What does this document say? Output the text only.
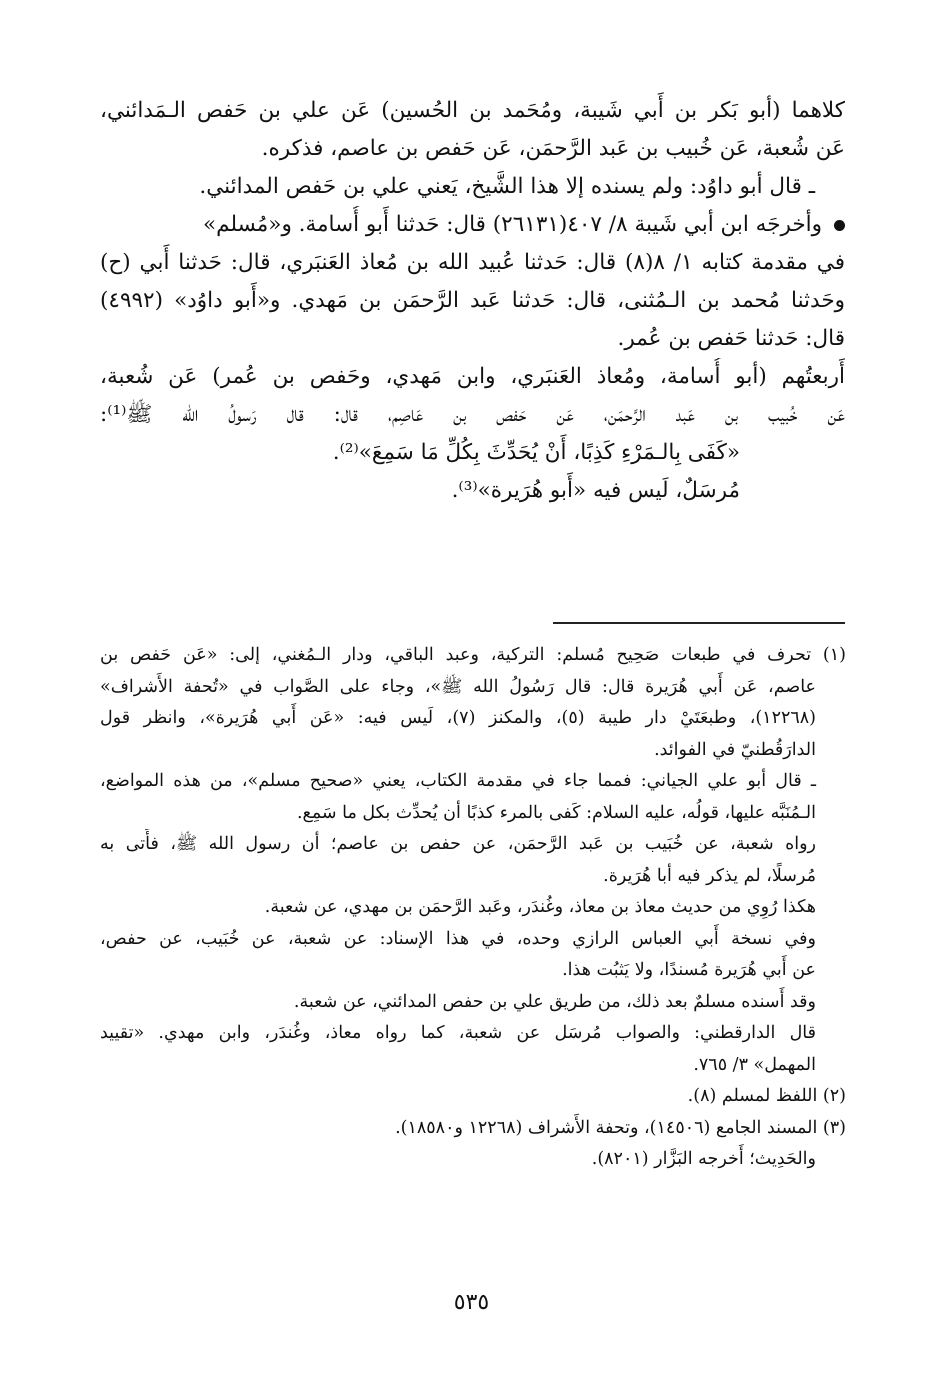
كلاهما (أبو بَكر بن أَبي شَيبة، ومُحَمد بن الحُسين) عَن علي بن حَفص الـمَدائني،
عَن شُعبة، عَن خُبيب بن عَبد الرَّحمَن، عَن حَفص بن عاصم، فذكره.
ـ قال أبو داوُد: ولم يسنده إلا هذا الشَّيخ، يَعني علي بن حَفص المدائني.
وأخرجَه ابن أبي شَيبة ٨/ ٤٠٧(٢٦١٣١) قال: حَدثنا أَبو أُسامة. و«مُسلم»
في مقدمة كتابه ١/ ٨(٨) قال: حَدثنا عُبيد الله بن مُعاذ العَنبَري، قال: حَدثنا أَبي (ح)
وحَدثنا مُحمد بن الـمُثنى، قال: حَدثنا عَبد الرَّحمَن بن مَهدي. و«أَبو داوُد» (٤٩٩٢)
قال: حَدثنا حَفص بن عُمر.
أَربعتُهم (أبو أُسامة، ومُعاذ العَنبَري، وابن مَهدي، وحَفص بن عُمر) عَن شُعبة،
عَن خُبيب بن عَبد الرَّحمَن، عَن حَفص بن عَاصِم، قال: قال رَسولُ الله ﷺ⁽¹⁾:
«كَفَى بِالـمَرْءِ كَذِبًا، أَنْ يُحَدِّثَ بِكُلِّ مَا سَمِعَ»⁽²⁾.
مُرسَلٌ، لَيس فيه «أَبو هُرَيرة»⁽³⁾.
(١) تحرف في طبعات صَحِيح مُسلم: التركية، وعبد الباقي، ودار الـمُغني، إلى: «عَن حَفص بن
عاصم، عَن أَبي هُرَيرة قال: قال رَسُولُ الله ﷺ»، وجاء على الصَّواب في «تُحفة الأَشراف»
(١٢٢٦٨)، وطبعَتَيْ دار طيبة (٥)، والمكنز (٧)، لَيس فيه: «عَن أَبي هُرَيرة»، وانظر قول
الدارَقُطنيّ في الفوائد.
ـ قال أبو علي الجياني: فمما جاء في مقدمة الكتاب، يعني «صحيح مسلم»، من هذه المواضع،
الـمُنَبَّه عليها، قولُه، عليه السلام: كَفى بالمرء كذبًا أن يُحدِّث بكل ما سَمِع.
رواه شعبة، عن خُبَيب بن عَبد الرَّحمَن، عن حفص بن عاصم؛ أن رسول الله ﷺ، فأَتى به
مُرسلًا، لم يذكر فيه أبا هُرَيرة.
هكذا رُوِي من حديث معاذ بن معاذ، وغُندَر، وعَبد الرَّحمَن بن مهدي، عن شعبة.
وفي نسخة أَبي العباس الرازي وحده، في هذا الإسناد: عن شعبة، عن خُبَيب، عن حفص،
عن أَبي هُرَيرة مُسندًا، ولا يَثبُت هذا.
وقد أَسنده مسلمٌ بعد ذلك، من طريق علي بن حفص المدائني، عن شعبة.
قال الدارقطني: والصواب مُرسَل عن شعبة، كما رواه معاذ، وغُندَر، وابن مهدي. «تقييد
المهمل» ٣/ ٧٦٥.
(٢) اللفظ لمسلم (٨).
(٣) المسند الجامع (١٤٥٠٦)، وتحفة الأَشراف (١٢٢٦٨ و١٨٥٨٠).
والحَدِيث؛ أَخرجه البَزَّار (٨٢٠١).
٥٣٥
